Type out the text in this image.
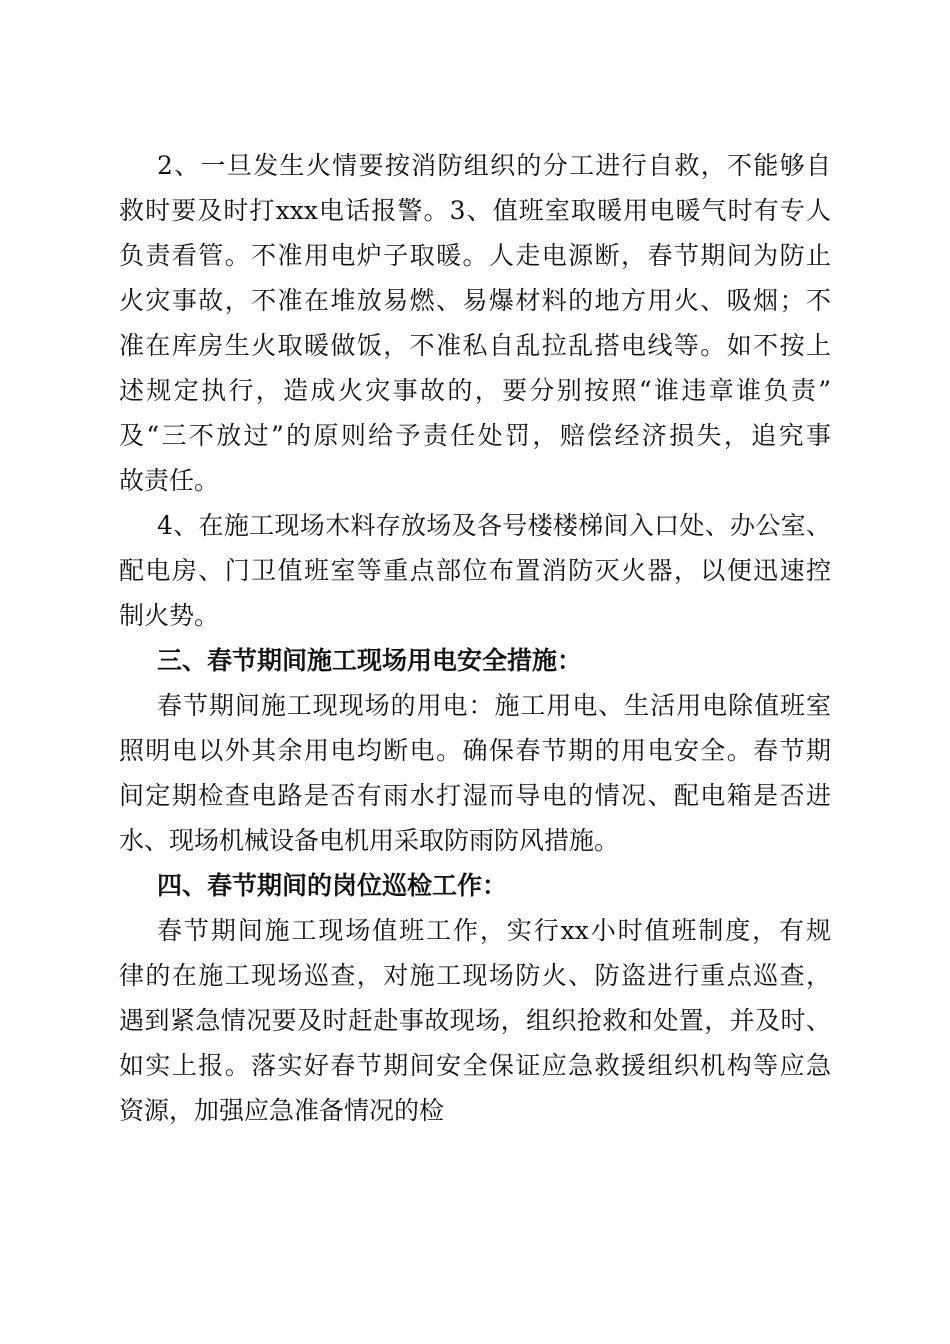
2、一旦发生火情要按消防组织的分工进行自救，不能够自
救时要及时打xxx电话报警。3、值班室取暖用电暖气时有专人
负责看管。不准用电炉子取暖。人走电源断，春节期间为防止
火灾事故，不准在堆放易燃、易爆材料的地方用火、吸烟；不
准在库房生火取暖做饭，不准私自乱拉乱搭电线等。如不按上
述规定执行，造成火灾事故的，要分别按照“谁违章谁负责”
及“三不放过”的原则给予责任处罚，赔偿经济损失，追究事
故责任。
4、在施工现场木料存放场及各号楼楼梯间入口处、办公室、
配电房、门卫值班室等重点部位布置消防灭火器，以便迅速控
制火势。
三、春节期间施工现场用电安全措施：
春节期间施工现现场的用电：施工用电、生活用电除值班室
照明电以外其余用电均断电。确保春节期的用电安全。春节期
间定期检查电路是否有雨水打湿而导电的情况、配电箱是否进
水、现场机械设备电机用采取防雨防风措施。
四、春节期间的岗位巡检工作：
春节期间施工现场值班工作，实行xx小时值班制度，有规
律的在施工现场巡查，对施工现场防火、防盗进行重点巡查，
遇到紧急情况要及时赶赴事故现场，组织抢救和处置，并及时、
如实上报。落实好春节期间安全保证应急救援组织机构等应急
资源，加强应急准备情况的检
